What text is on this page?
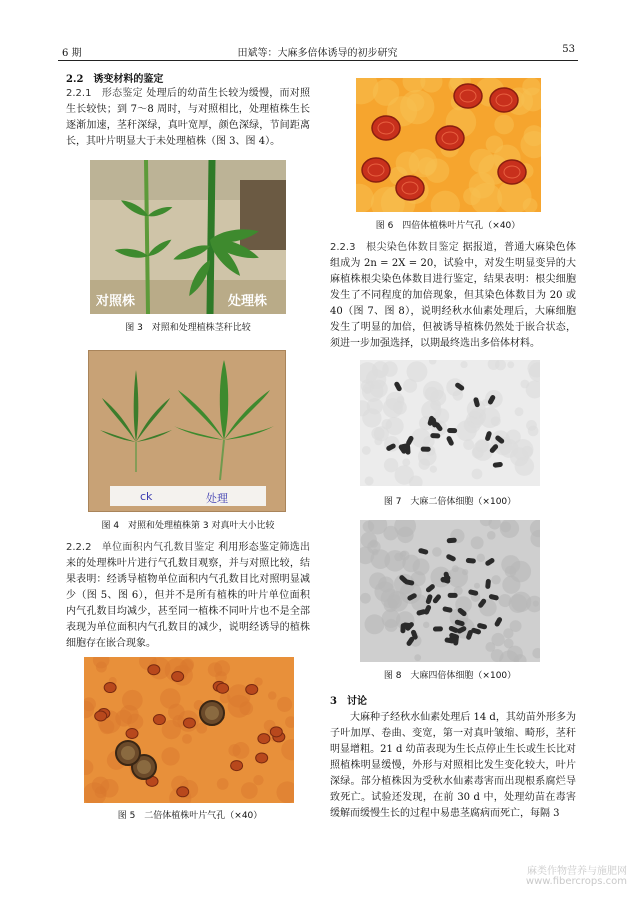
6 期	田斌等：大麻多倍体诱导的初步研究	53

2.2　诱变材料的鉴定

2.2.1　形态鉴定 处理后的幼苗生长较为缓慢，而对照生长较快；到 7～8 周时，与对照相比，处理植株生长逐渐加速，茎秆深绿，真叶宽厚，颜色深绿，节间距离长，其叶片明显大于未处理植株（图 3、图 4）。

对照株	处理株

图 3　对照和处理植株茎秆比较

ck	处理

图 4　对照和处理植株第 3 对真叶大小比较

2.2.2　单位面积内气孔数目鉴定 利用形态鉴定筛选出来的处理株叶片进行气孔数目观察，并与对照比较，结果表明：经诱导植物单位面积内气孔数目比对照明显减少（图 5、图 6），但并不是所有植株的叶片单位面积内气孔数目均减少，甚至同一植株不同叶片也不是全部表现为单位面积内气孔数目的减少，说明经诱导的植株细胞存在嵌合现象。

图 5　二倍体植株叶片气孔（×40）

图 6　四倍体植株叶片气孔（×40）

2.2.3　根尖染色体数目鉴定 据报道，普通大麻染色体组成为 2n = 2X = 20，试验中，对发生明显变异的大麻植株根尖染色体数目进行鉴定，结果表明：根尖细胞发生了不同程度的加倍现象，但其染色体数目为 20 或 40（图 7、图 8），说明经秋水仙素处理后，大麻细胞发生了明显的加倍，但被诱导植株仍然处于嵌合状态，须进一步加强选择，以期最终选出多倍体材料。

图 7　大麻二倍体细胞（×100）

图 8　大麻四倍体细胞（×100）

3　讨论

大麻种子经秋水仙素处理后 14 d，其幼苗外形多为子叶加厚、卷曲、变宽，第一对真叶皱缩、畸形，茎秆明显增粗。21 d 幼苗表现为生长点停止生长或生长比对照植株明显缓慢，外形与对照相比发生变化较大，叶片深绿。部分植株因为受秋水仙素毒害而出现根系腐烂导致死亡。试验还发现，在前 30 d 中，处理幼苗在毒害缓解而缓慢生长的过程中易患茎腐病而死亡，每隔 3

麻类作物营养与施肥网
www.fibercrops.com
